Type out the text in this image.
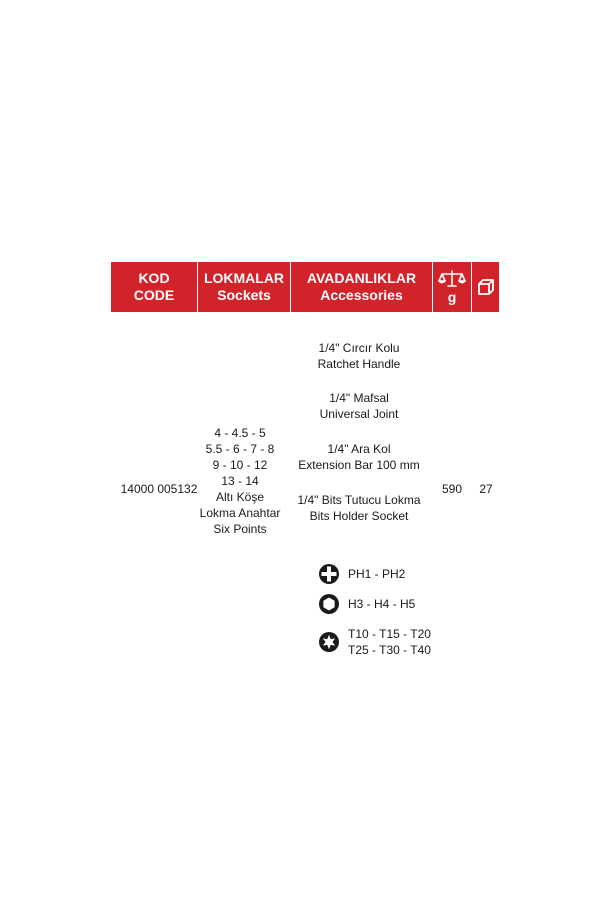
KOD
CODE
LOKMALAR
Sockets
AVADANLIKLAR
Accessories	g
14000 005132
4 - 4.5 - 5
5.5 - 6 - 7 - 8
9 - 10 - 12
13 - 14
Altı Köşe
Lokma Anahtar
Six Points
1/4" Cırcır Kolu
Ratchet Handle
1/4" Mafsal
Universal Joint
1/4" Ara Kol
Extension Bar 100 mm
1/4" Bits Tutucu Lokma
Bits Holder Socket
PH1 - PH2
H3 - H4 - H5
T10 - T15 - T20
T25 - T30 - T40
590	27
